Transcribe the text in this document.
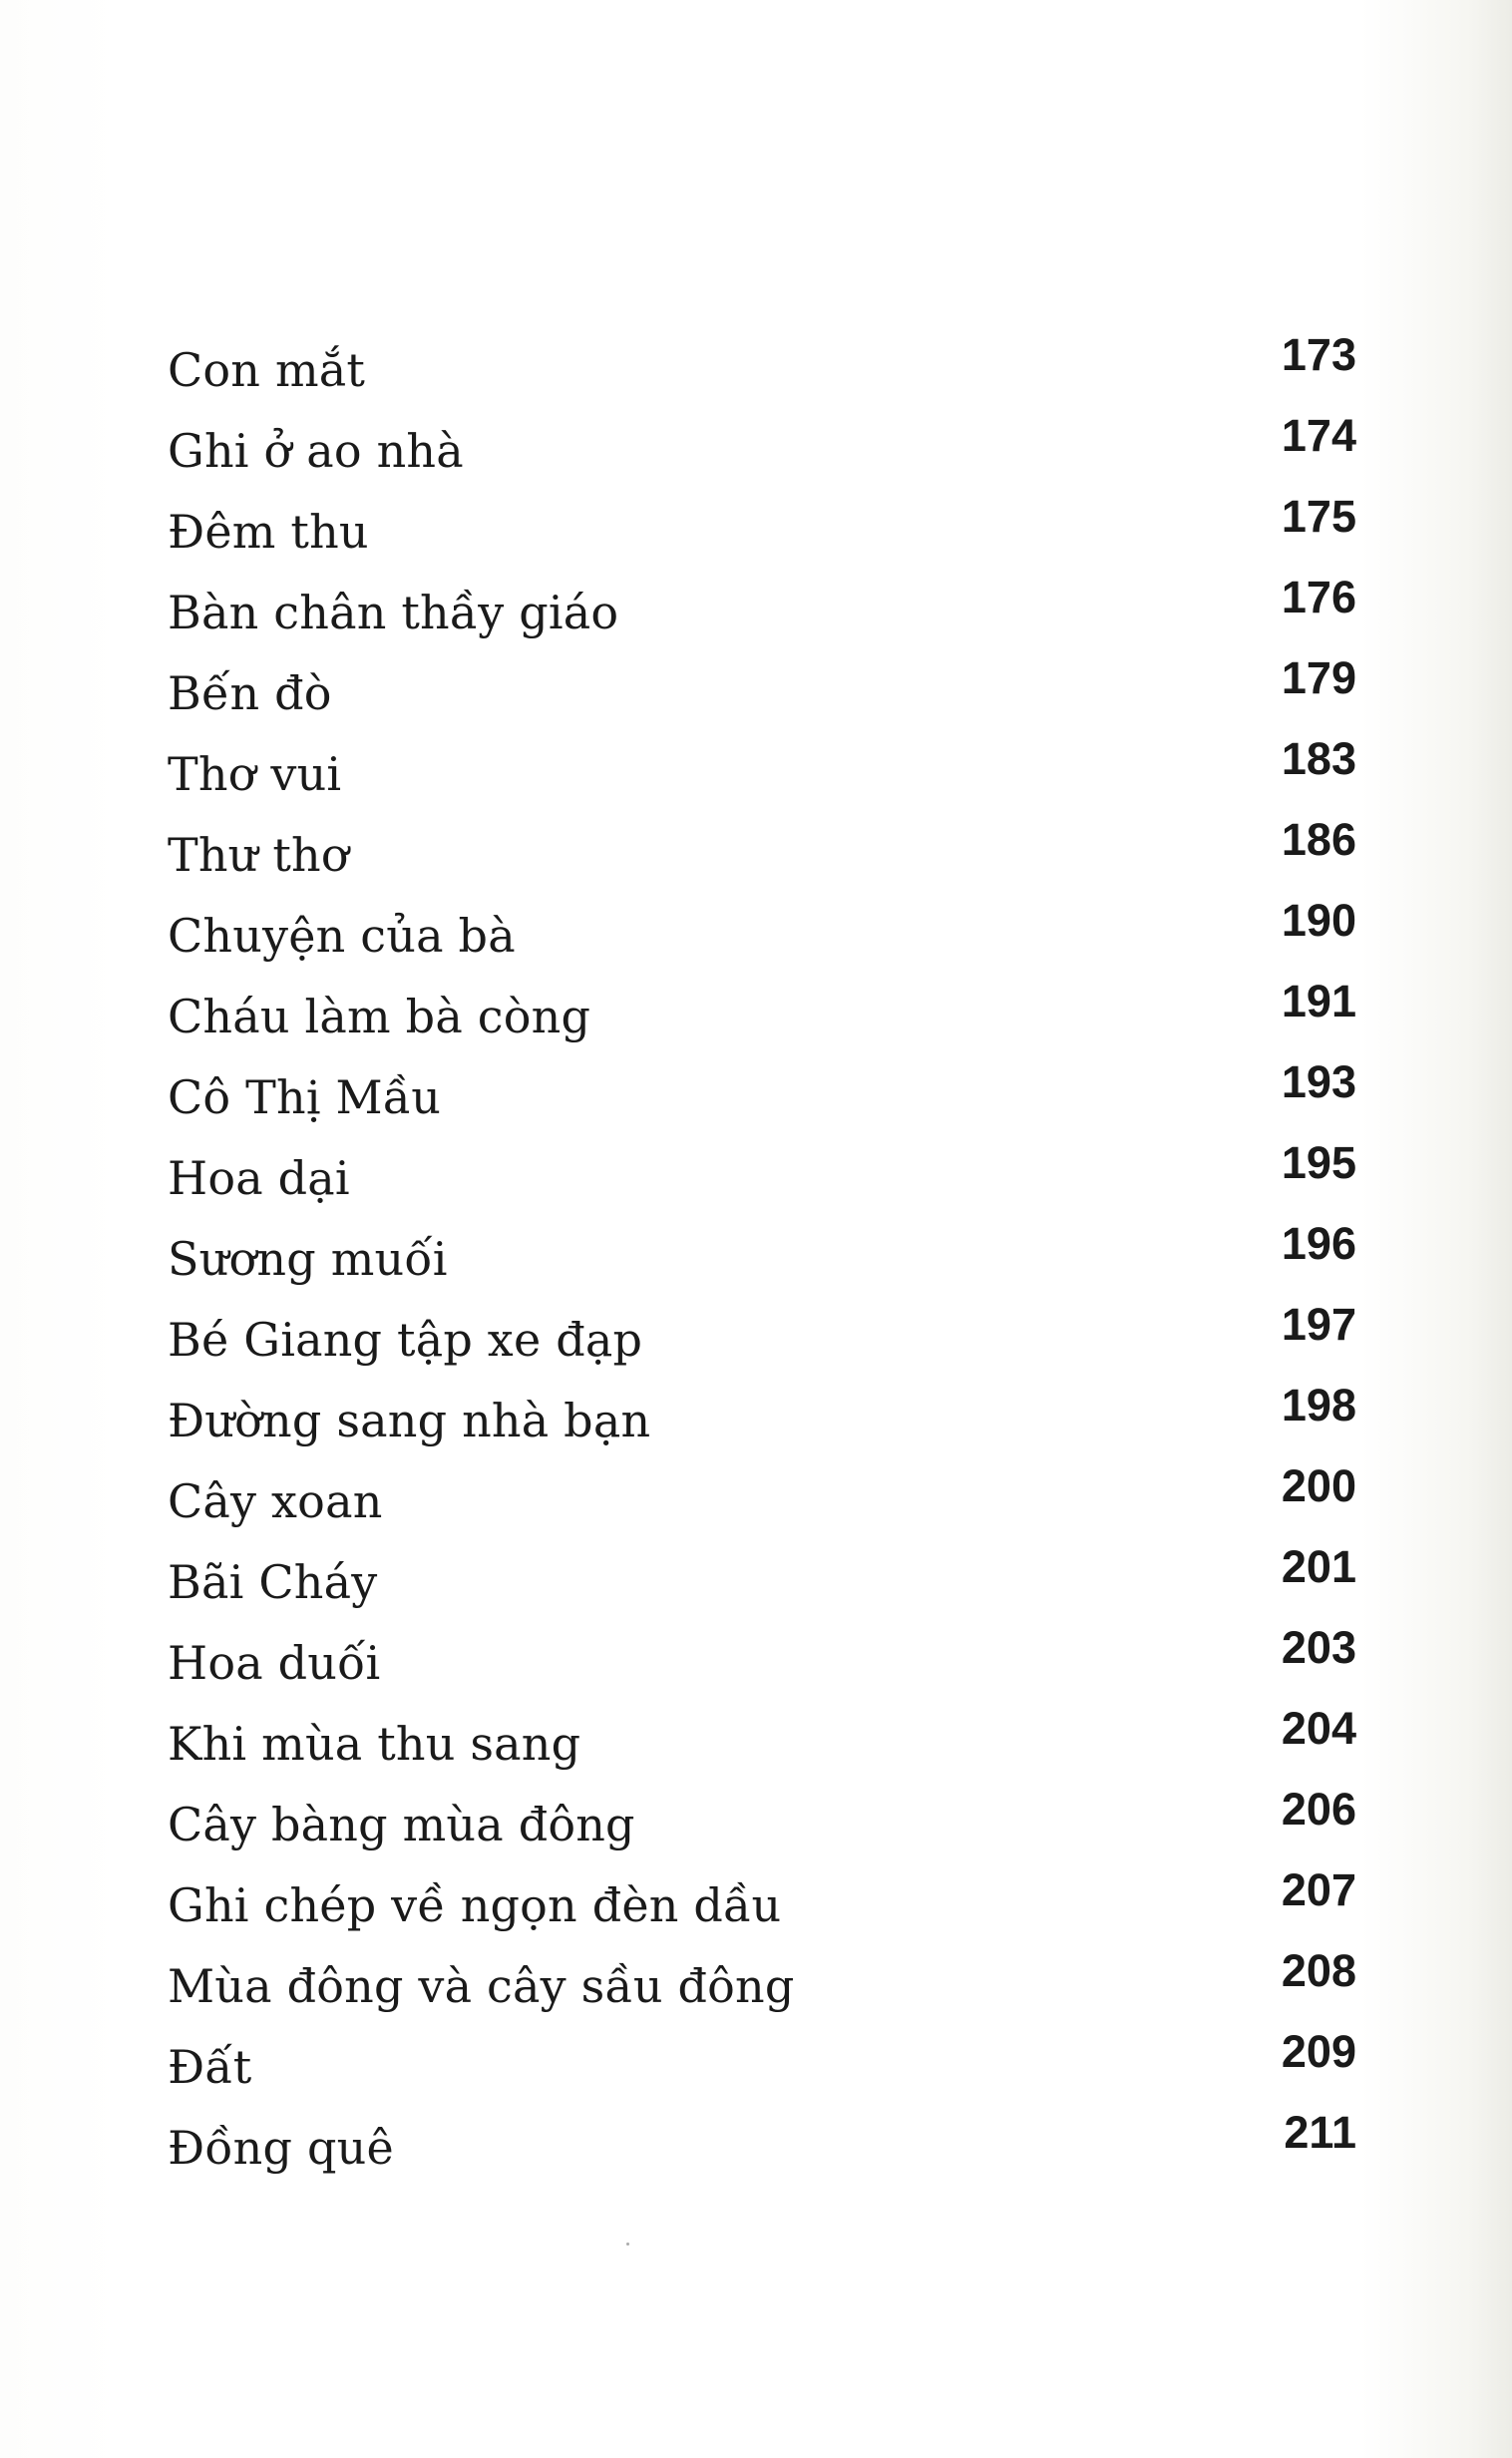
Con mắt	173
Ghi ở ao nhà	174
Đêm thu	175
Bàn chân thầy giáo	176
Bến đò	179
Thơ vui	183
Thư thơ	186
Chuyện của bà	190
Cháu làm bà còng	191
Cô Thị Mầu	193
Hoa dại	195
Sương muối	196
Bé Giang tập xe đạp	197
Đường sang nhà bạn	198
Cây xoan	200
Bãi Cháy	201
Hoa duối	203
Khi mùa thu sang	204
Cây bàng mùa đông	206
Ghi chép về ngọn đèn dầu	207
Mùa đông và cây sầu đông	208
Đất	209
Đồng quê	211
